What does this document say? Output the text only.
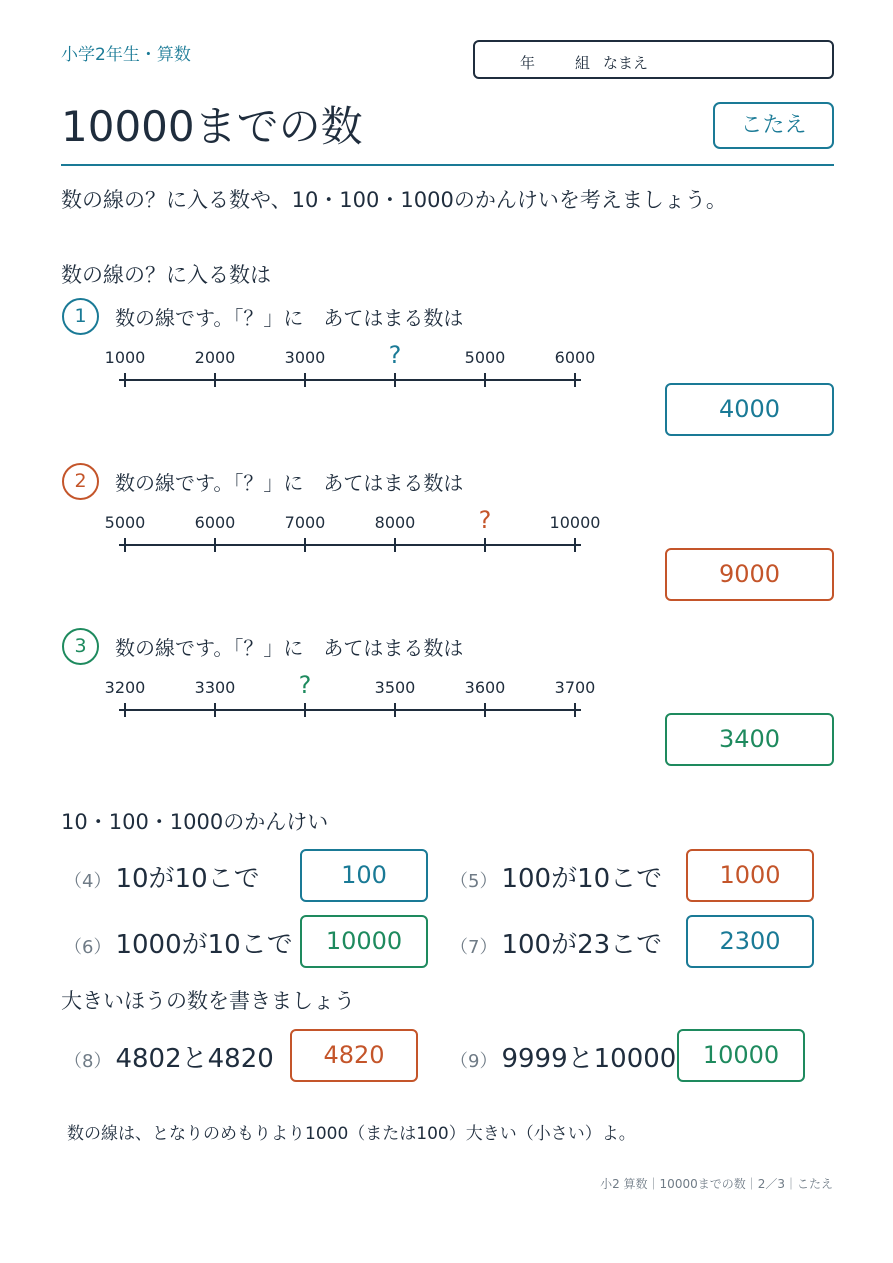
小学2年生・算数	年	組 なまえ
10000までの数	こたえ
数の線の？に入る数や、10・100・1000のかんけいを考えましょう。
数の線の？に入る数は
1	数の線です。「？」に　あてはまる数は
1000	2000	3000	?	5000	6000
4000
2	数の線です。「？」に　あてはまる数は
5000	6000	7000	8000	?	10000
9000
3	数の線です。「？」に　あてはまる数は
3200	3300	?	3500	3600	3700
3400
10・100・1000のかんけい
（4） 10が10こで	100	（5） 100が10こで	1000
（6） 1000が10こで	10000	（7） 100が23こで	2300
大きいほうの数を書きましょう
（8） 4802と4820	4820	（9） 9999と10000	10000
数の線は、となりのめもりより1000（または100）大きい（小さい）よ。
小2 算数｜10000までの数｜2／3｜こたえ
